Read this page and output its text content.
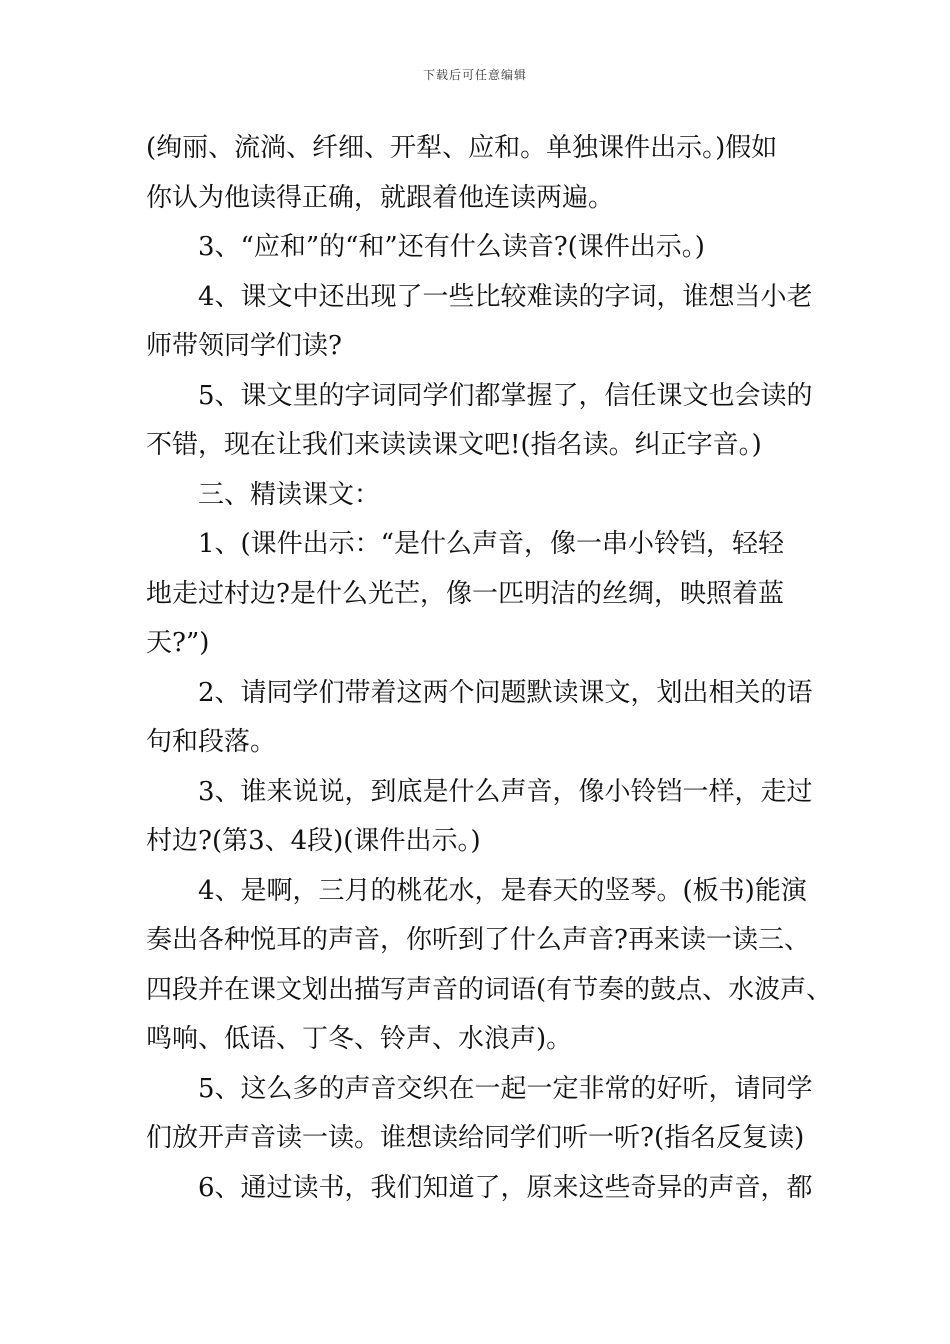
下载后可任意编辑

(绚丽、流淌、纤细、开犁、应和。单独课件出示。)假如
你认为他读得正确，就跟着他连读两遍。

3、“应和”的“和”还有什么读音?(课件出示。)

4、课文中还出现了一些比较难读的字词，谁想当小老
师带领同学们读?

5、课文里的字词同学们都掌握了，信任课文也会读的
不错，现在让我们来读读课文吧!(指名读。纠正字音。)

三、精读课文：

1、(课件出示：“是什么声音，像一串小铃铛，轻轻
地走过村边?是什么光芒，像一匹明洁的丝绸，映照着蓝
天?”)

2、请同学们带着这两个问题默读课文，划出相关的语
句和段落。

3、谁来说说，到底是什么声音，像小铃铛一样，走过
村边?(第3、4段)(课件出示。)

4、是啊，三月的桃花水，是春天的竖琴。(板书)能演
奏出各种悦耳的声音，你听到了什么声音?再来读一读三、
四段并在课文划出描写声音的词语(有节奏的鼓点、水波声、
鸣响、低语、丁冬、铃声、水浪声)。

5、这么多的声音交织在一起一定非常的好听，请同学
们放开声音读一读。谁想读给同学们听一听?(指名反复读)

6、通过读书，我们知道了，原来这些奇异的声音，都
